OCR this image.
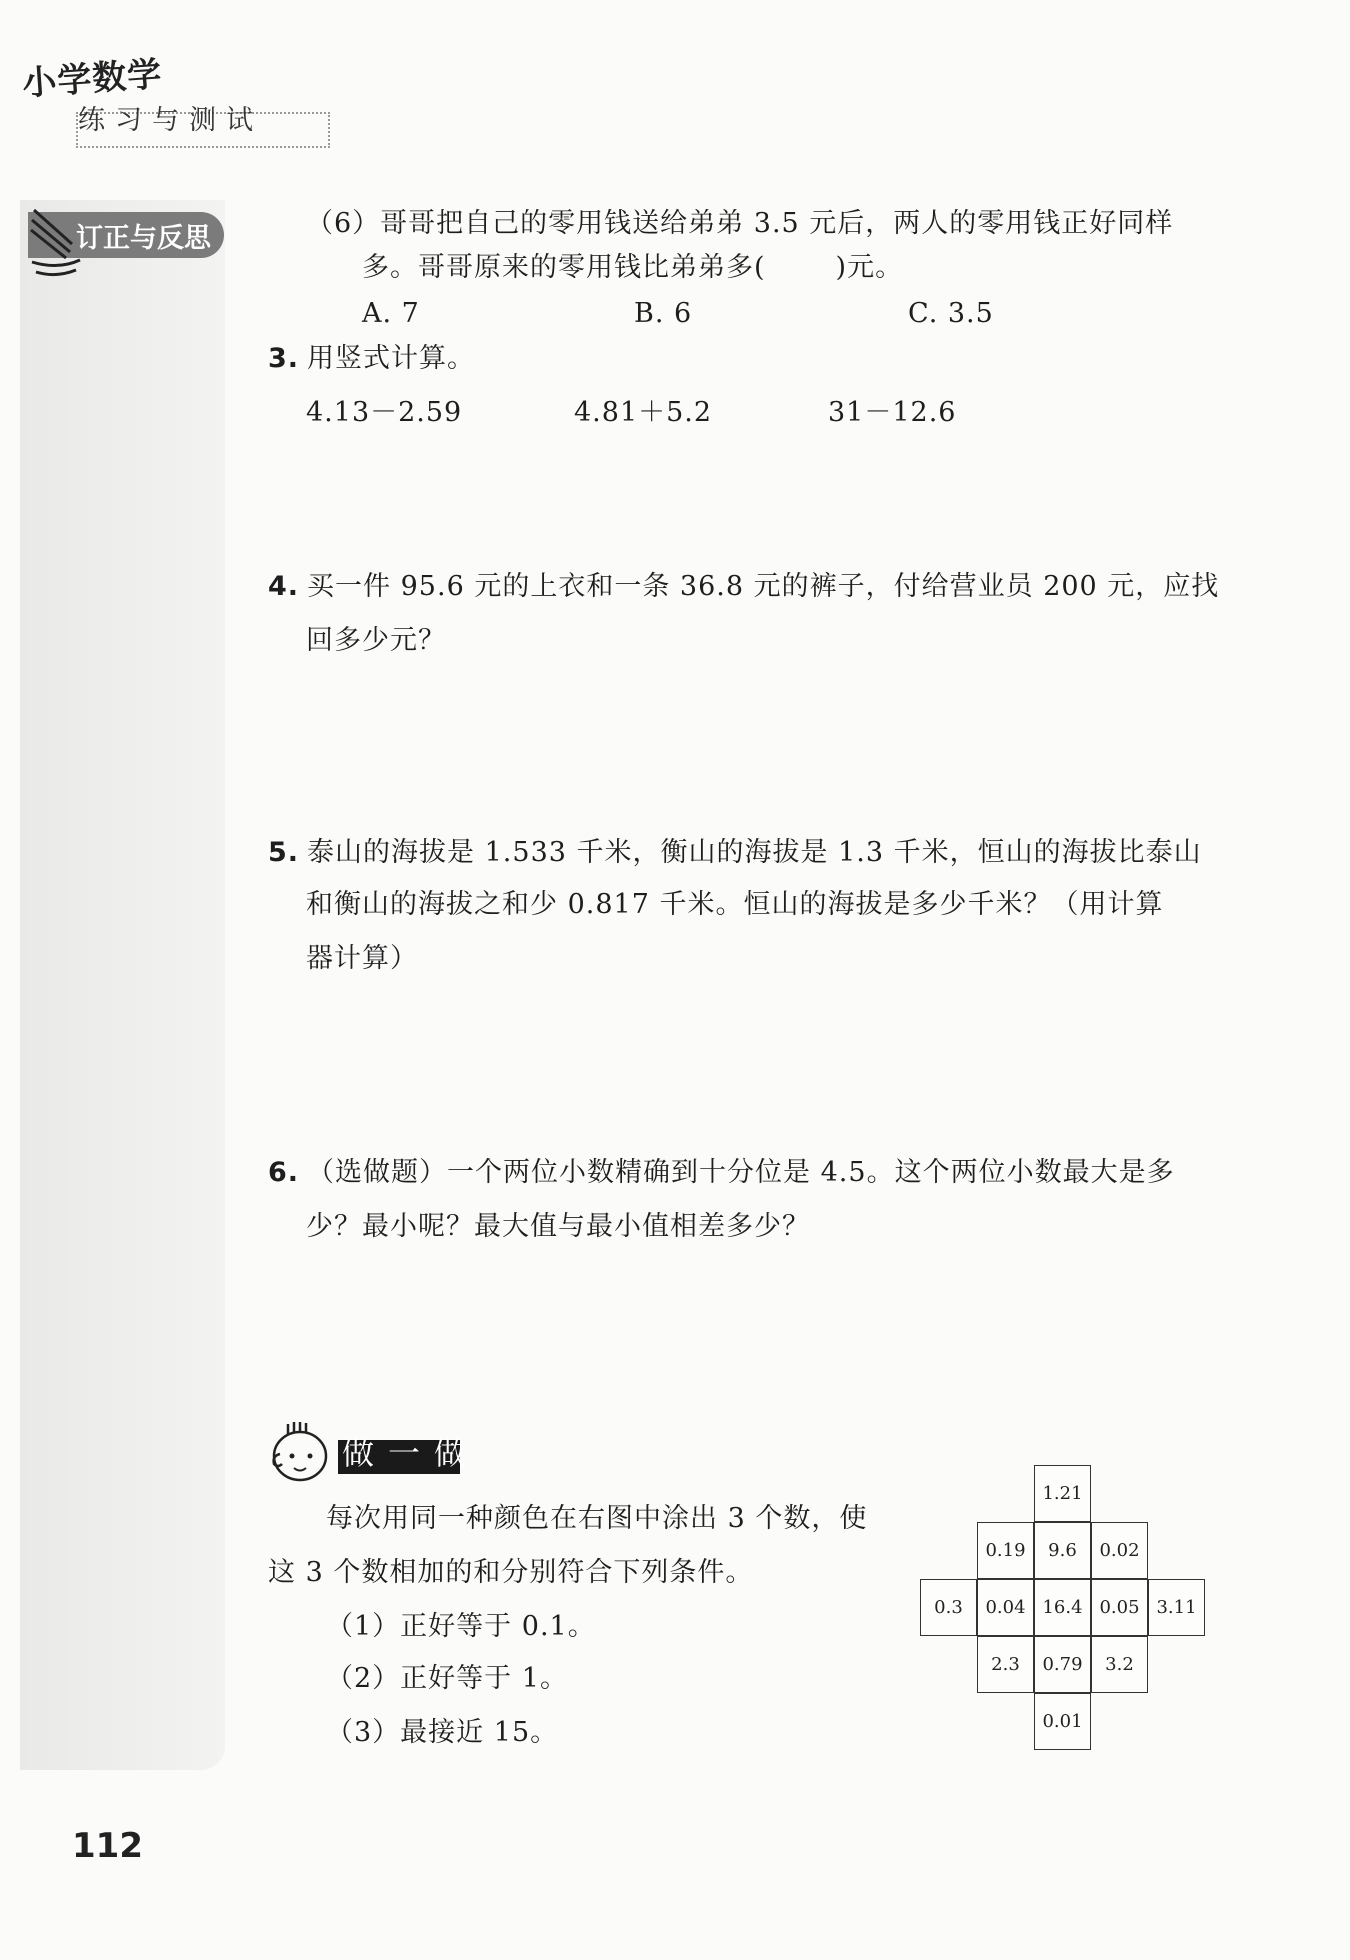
小学数学
练习与测试
订正与反思	（6）哥哥把自己的零用钱送给弟弟 3.5 元后，两人的零用钱正好同样
多。哥哥原来的零用钱比弟弟多(	)元。
A. 7	B. 6	C. 3.5
3. 用竖式计算。
4.13－2.59	4.81＋5.2	31－12.6
4. 买一件 95.6 元的上衣和一条 36.8 元的裤子，付给营业员 200 元，应找
回多少元？
5. 泰山的海拔是 1.533 千米，衡山的海拔是 1.3 千米，恒山的海拔比泰山
和衡山的海拔之和少 0.817 千米。恒山的海拔是多少千米？（用计算
器计算）
6. （选做题）一个两位小数精确到十分位是 4.5。这个两位小数最大是多
少？最小呢？最大值与最小值相差多少？
做一做
每次用同一种颜色在右图中涂出 3 个数，使
这 3 个数相加的和分别符合下列条件。
（1）正好等于 0.1。
（2）正好等于 1。
（3）最接近 15。
1.21
0.19	9.6	0.02
0.3	0.04 16.4 0.05 3.11
2.3	0.79	3.2
0.01
112
